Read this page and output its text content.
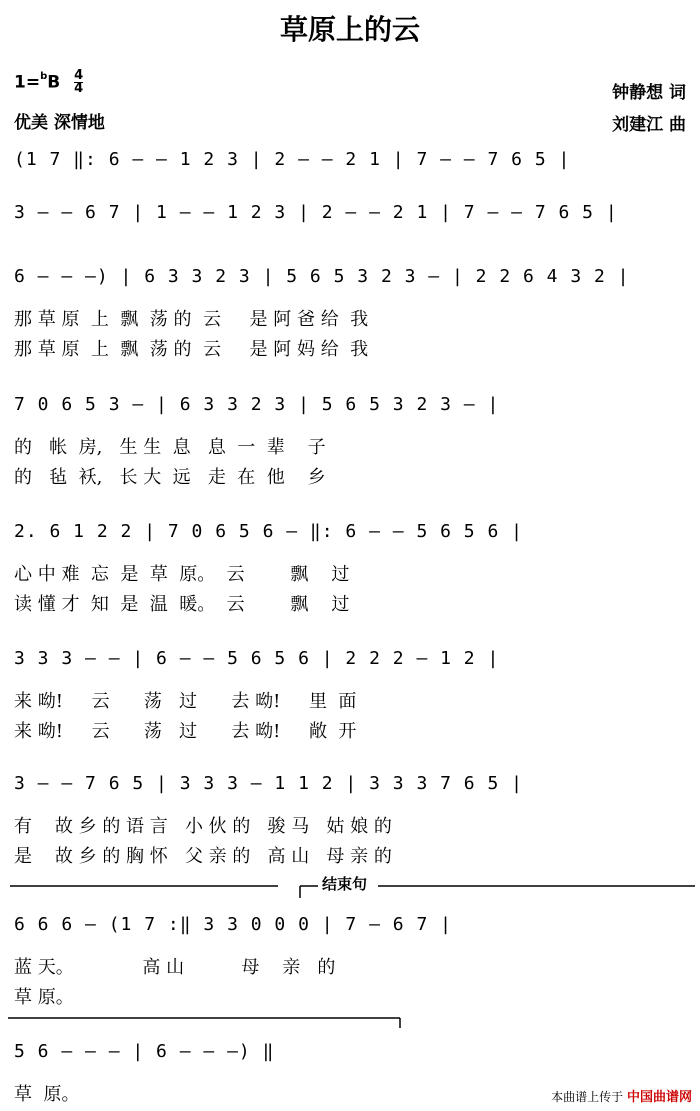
草原上的云
$1=^bB \frac{4}{4}$
优美 深情地
钟静想 词
刘建江 曲
(1 7 ‖: 6 — — 1 2 3 | 2 — — 2 1 | 7 — — 7 6 5 |
3 — — 6 7 | 1 — — 1 2 3 | 2 — — 2 1 | 7 — — 7 6 5 |
6 — — —) | 6 3 3 2 3 | 5 6 5 3 2 3 — | 2 2 6 4 3 2 |
那 草 原  上  飘  荡 的  云     是 阿 爸 给  我
那 草 原  上  飘  荡 的  云     是 阿 妈 给  我
7 0 6 5 3 — | 6 3 3 2 3 | 5 6 5 3 2 3 — |
的   帐  房,   生 生  息   息  一  辈    子
的   毡  袄,   长 大  远   走  在  他    乡
2. 6 1 2 2 | 7 0 6 5 6 — ‖: 6 — — 5 6 5 6 |
心 中 难  忘  是  草  原。  云        飘    过
读 懂 才  知  是  温  暖。  云        飘    过
3 3 3 — — | 6 — — 5 6 5 6 | 2 2 2 — 1 2 |
来 呦!     云      荡   过      去 呦!     里  面
来 呦!     云      荡   过      去 呦!     敞  开
3 — — 7 6 5 | 3 3 3 — 1 1 2 | 3 3 3 7 6 5 |
有    故 乡 的 语 言   小 伙 的   骏 马   姑 娘 的
是    故 乡 的 胸 怀   父 亲 的   高 山   母 亲 的
6 6 6 — (1 7 :‖ 3 3 0 0 0 | 7 — 6 7 |
蓝 天。            高 山          母    亲   的
草 原。
5 6 — — — | 6 — — —) ‖
草  原。
结束句
本曲谱上传于 中国曲谱网
